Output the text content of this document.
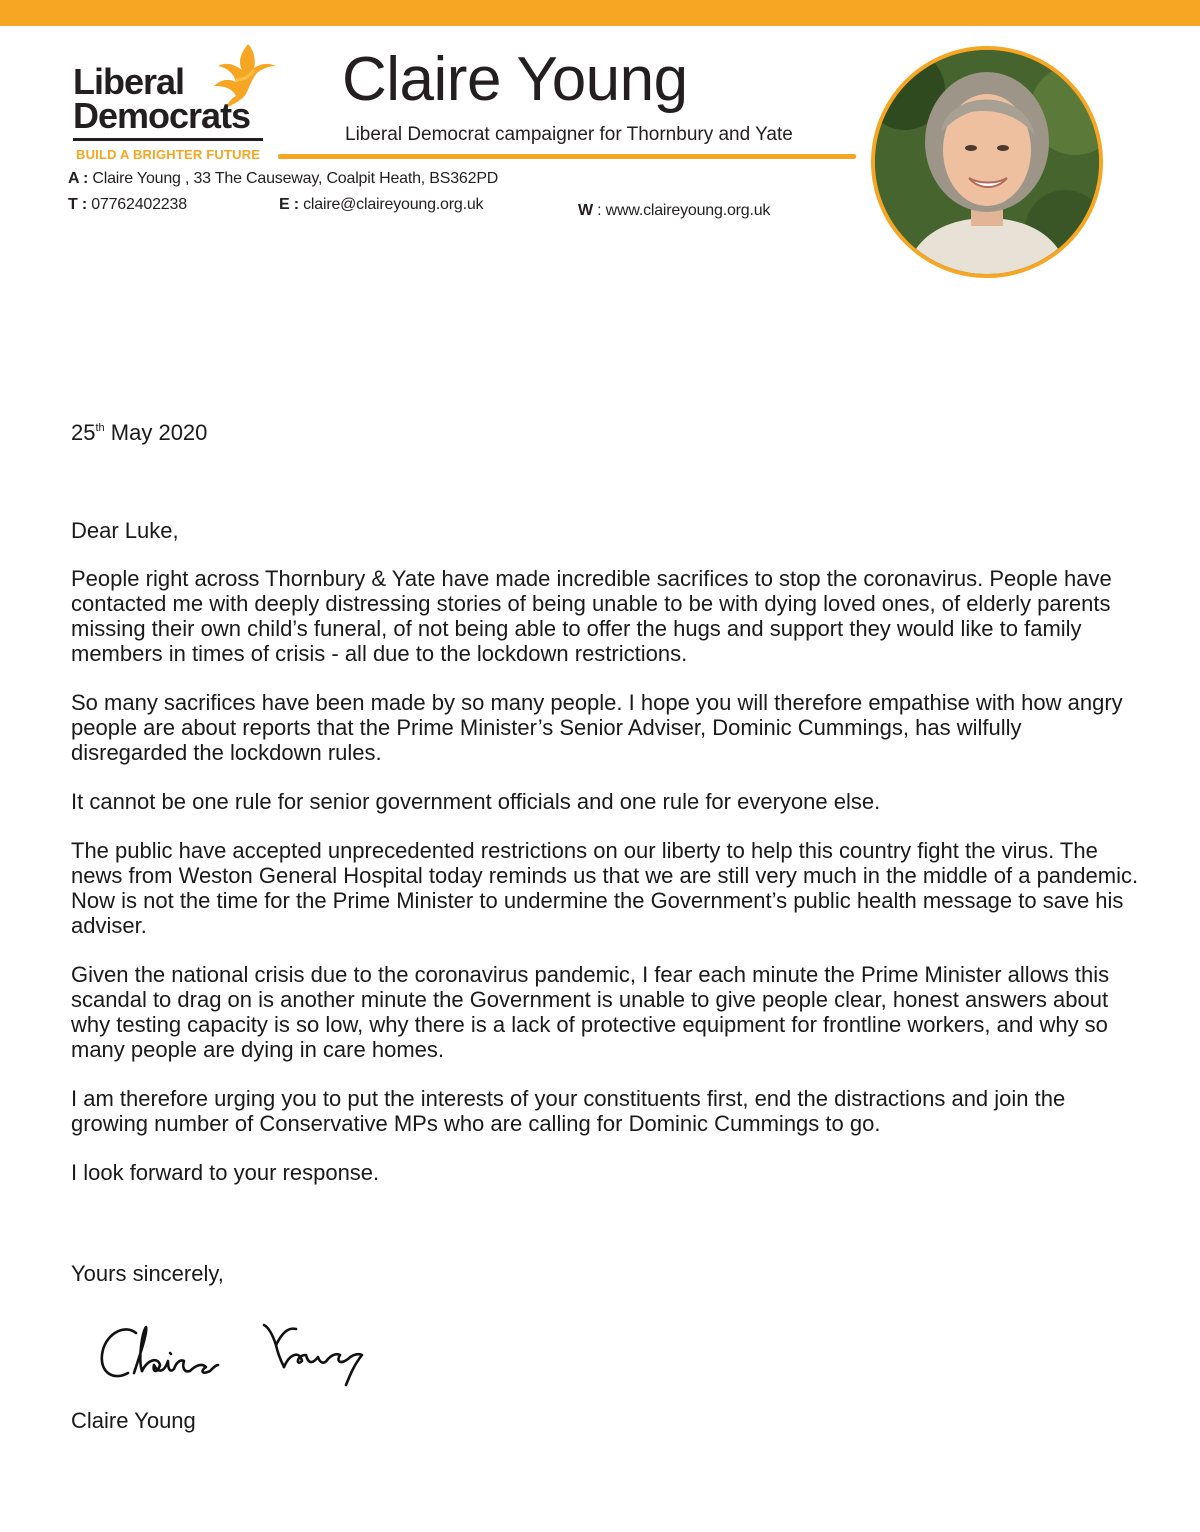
Liberal
Democrats
BUILD A BRIGHTER FUTURE
Claire Young
Liberal Democrat campaigner for Thornbury and Yate
A : Claire Young , 33 The Causeway, Coalpit Heath, BS362PD
T : 07762402238	E : claire@claireyoung.org.uk	W : www.claireyoung.org.uk
25th May 2020
Dear Luke,

People right across Thornbury & Yate have made incredible sacrifices to stop the coronavirus. People have contacted me with deeply distressing stories of being unable to be with dying loved ones, of elderly parents missing their own child’s funeral, of not being able to offer the hugs and support they would like to family members in times of crisis - all due to the lockdown restrictions.

So many sacrifices have been made by so many people. I hope you will therefore empathise with how angry people are about reports that the Prime Minister’s Senior Adviser, Dominic Cummings, has wilfully disregarded the lockdown rules.

It cannot be one rule for senior government officials and one rule for everyone else.

The public have accepted unprecedented restrictions on our liberty to help this country fight the virus. The news from Weston General Hospital today reminds us that we are still very much in the middle of a pandemic. Now is not the time for the Prime Minister to undermine the Government’s public health message to save his adviser.

Given the national crisis due to the coronavirus pandemic, I fear each minute the Prime Minister allows this scandal to drag on is another minute the Government is unable to give people clear, honest answers about why testing capacity is so low, why there is a lack of protective equipment for frontline workers, and why so many people are dying in care homes.

I am therefore urging you to put the interests of your constituents first, end the distractions and join the growing number of Conservative MPs who are calling for Dominic Cummings to go.

I look forward to your response.

Yours sincerely,
Claire Young
